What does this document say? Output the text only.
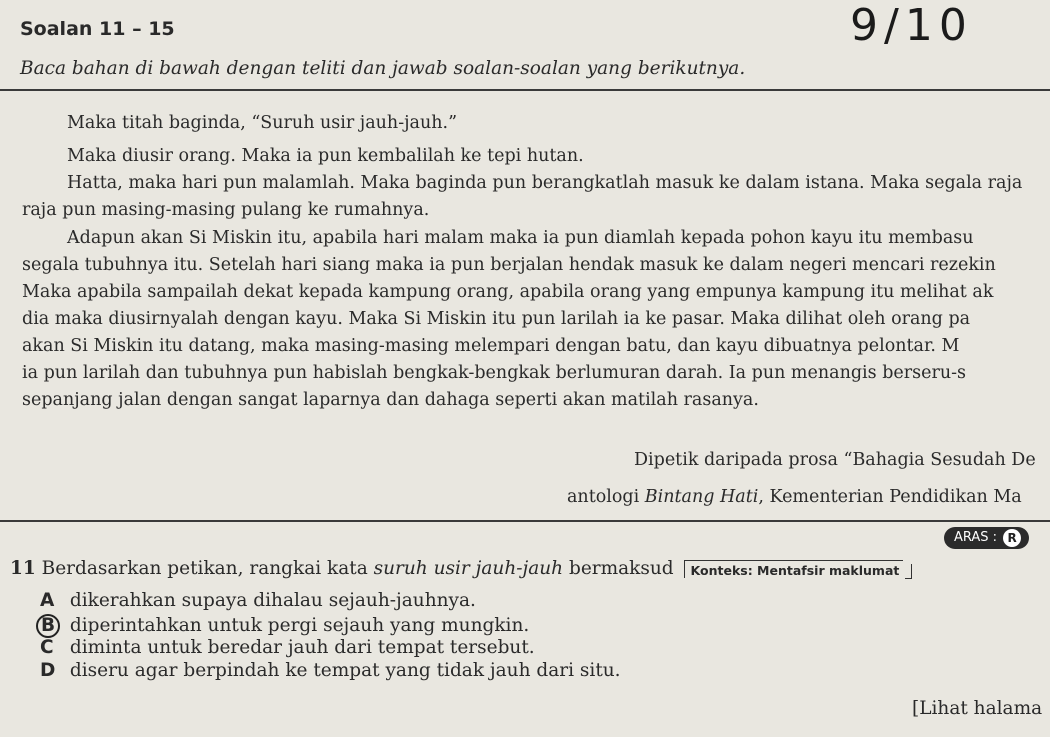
Soalan 11 – 15
Baca bahan di bawah dengan teliti dan jawab soalan-soalan yang berikutnya.
9/10
Maka titah baginda, “Suruh usir jauh-jauh.”
Maka diusir orang. Maka ia pun kembalilah ke tepi hutan.
Hatta, maka hari pun malamlah. Maka baginda pun berangkatlah masuk ke dalam istana. Maka segala raja
raja pun masing-masing pulang ke rumahnya.
Adapun akan Si Miskin itu, apabila hari malam maka ia pun diamlah kepada pohon kayu itu membasu
segala tubuhnya itu. Setelah hari siang maka ia pun berjalan hendak masuk ke dalam negeri mencari rezekin
Maka apabila sampailah dekat kepada kampung orang, apabila orang yang empunya kampung itu melihat ak
dia maka diusirnyalah dengan kayu. Maka Si Miskin itu pun larilah ia ke pasar. Maka dilihat oleh orang pa
akan Si Miskin itu datang, maka masing-masing melempari dengan batu, dan kayu dibuatnya pelontar. M
ia pun larilah dan tubuhnya pun habislah bengkak-bengkak berlumuran darah. Ia pun menangis berseru-s
sepanjang jalan dengan sangat laparnya dan dahaga seperti akan matilah rasanya.
Dipetik daripada prosa “Bahagia Sesudah De
antologi Bintang Hati, Kementerian Pendidikan Ma
11 Berdasarkan petikan, rangkai kata suruh usir jauh-jauh bermaksud Konteks: Mentafsir maklumat
ARAS : R
A dikerahkan supaya dihalau sejauh-jauhnya.
B diperintahkan untuk pergi sejauh yang mungkin.
C diminta untuk beredar jauh dari tempat tersebut.
D diseru agar berpindah ke tempat yang tidak jauh dari situ.
[Lihat halama
